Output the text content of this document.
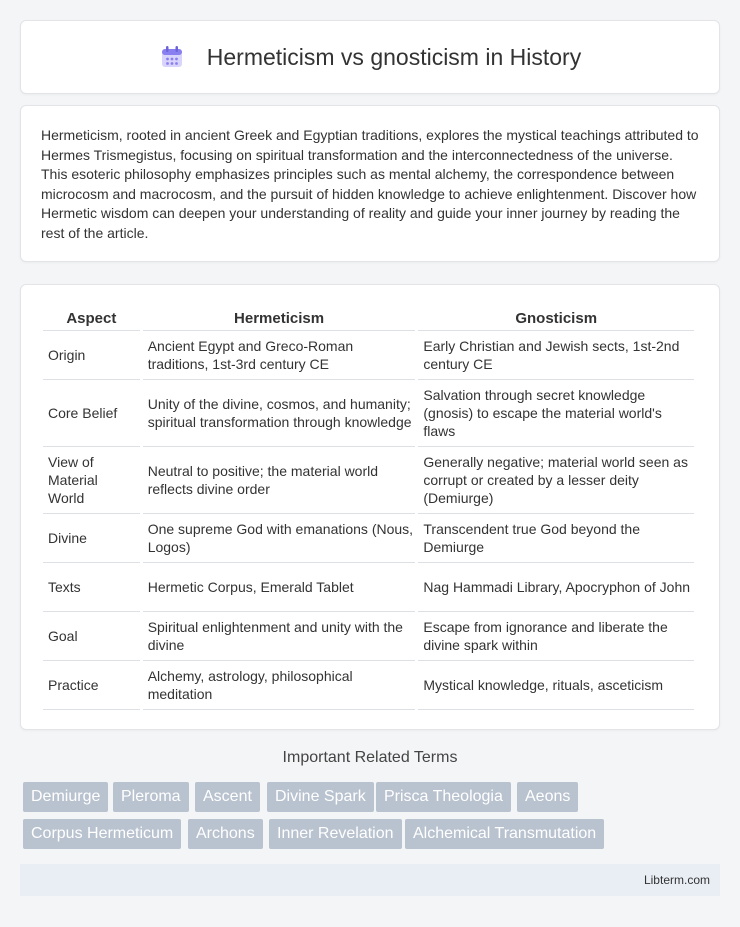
Hermeticism vs gnosticism in History

Hermeticism, rooted in ancient Greek and Egyptian traditions, explores the mystical teachings attributed to Hermes Trismegistus, focusing on spiritual transformation and the interconnectedness of the universe. This esoteric philosophy emphasizes principles such as mental alchemy, the correspondence between microcosm and macrocosm, and the pursuit of hidden knowledge to achieve enlightenment. Discover how Hermetic wisdom can deepen your understanding of reality and guide your inner journey by reading the rest of the article.

Aspect	Hermeticism	Gnosticism
Origin	Ancient Egypt and Greco-Roman traditions, 1st-3rd century CE	Early Christian and Jewish sects, 1st-2nd century CE
Core Belief	Unity of the divine, cosmos, and humanity; spiritual transformation through knowledge	Salvation through secret knowledge (gnosis) to escape the material world's flaws
View of Material World	Neutral to positive; the material world reflects divine order	Generally negative; material world seen as corrupt or created by a lesser deity (Demiurge)
Divine	One supreme God with emanations (Nous, Logos)	Transcendent true God beyond the Demiurge
Texts	Hermetic Corpus, Emerald Tablet	Nag Hammadi Library, Apocryphon of John
Goal	Spiritual enlightenment and unity with the divine	Escape from ignorance and liberate the divine spark within
Practice	Alchemy, astrology, philosophical meditation	Mystical knowledge, rituals, asceticism
Important Related Terms
Demiurge	Pleroma	Ascent	Divine Spark	Prisca Theologia	Aeons
Corpus Hermeticum	Archons	Inner Revelation	Alchemical Transmutation
Libterm.com
